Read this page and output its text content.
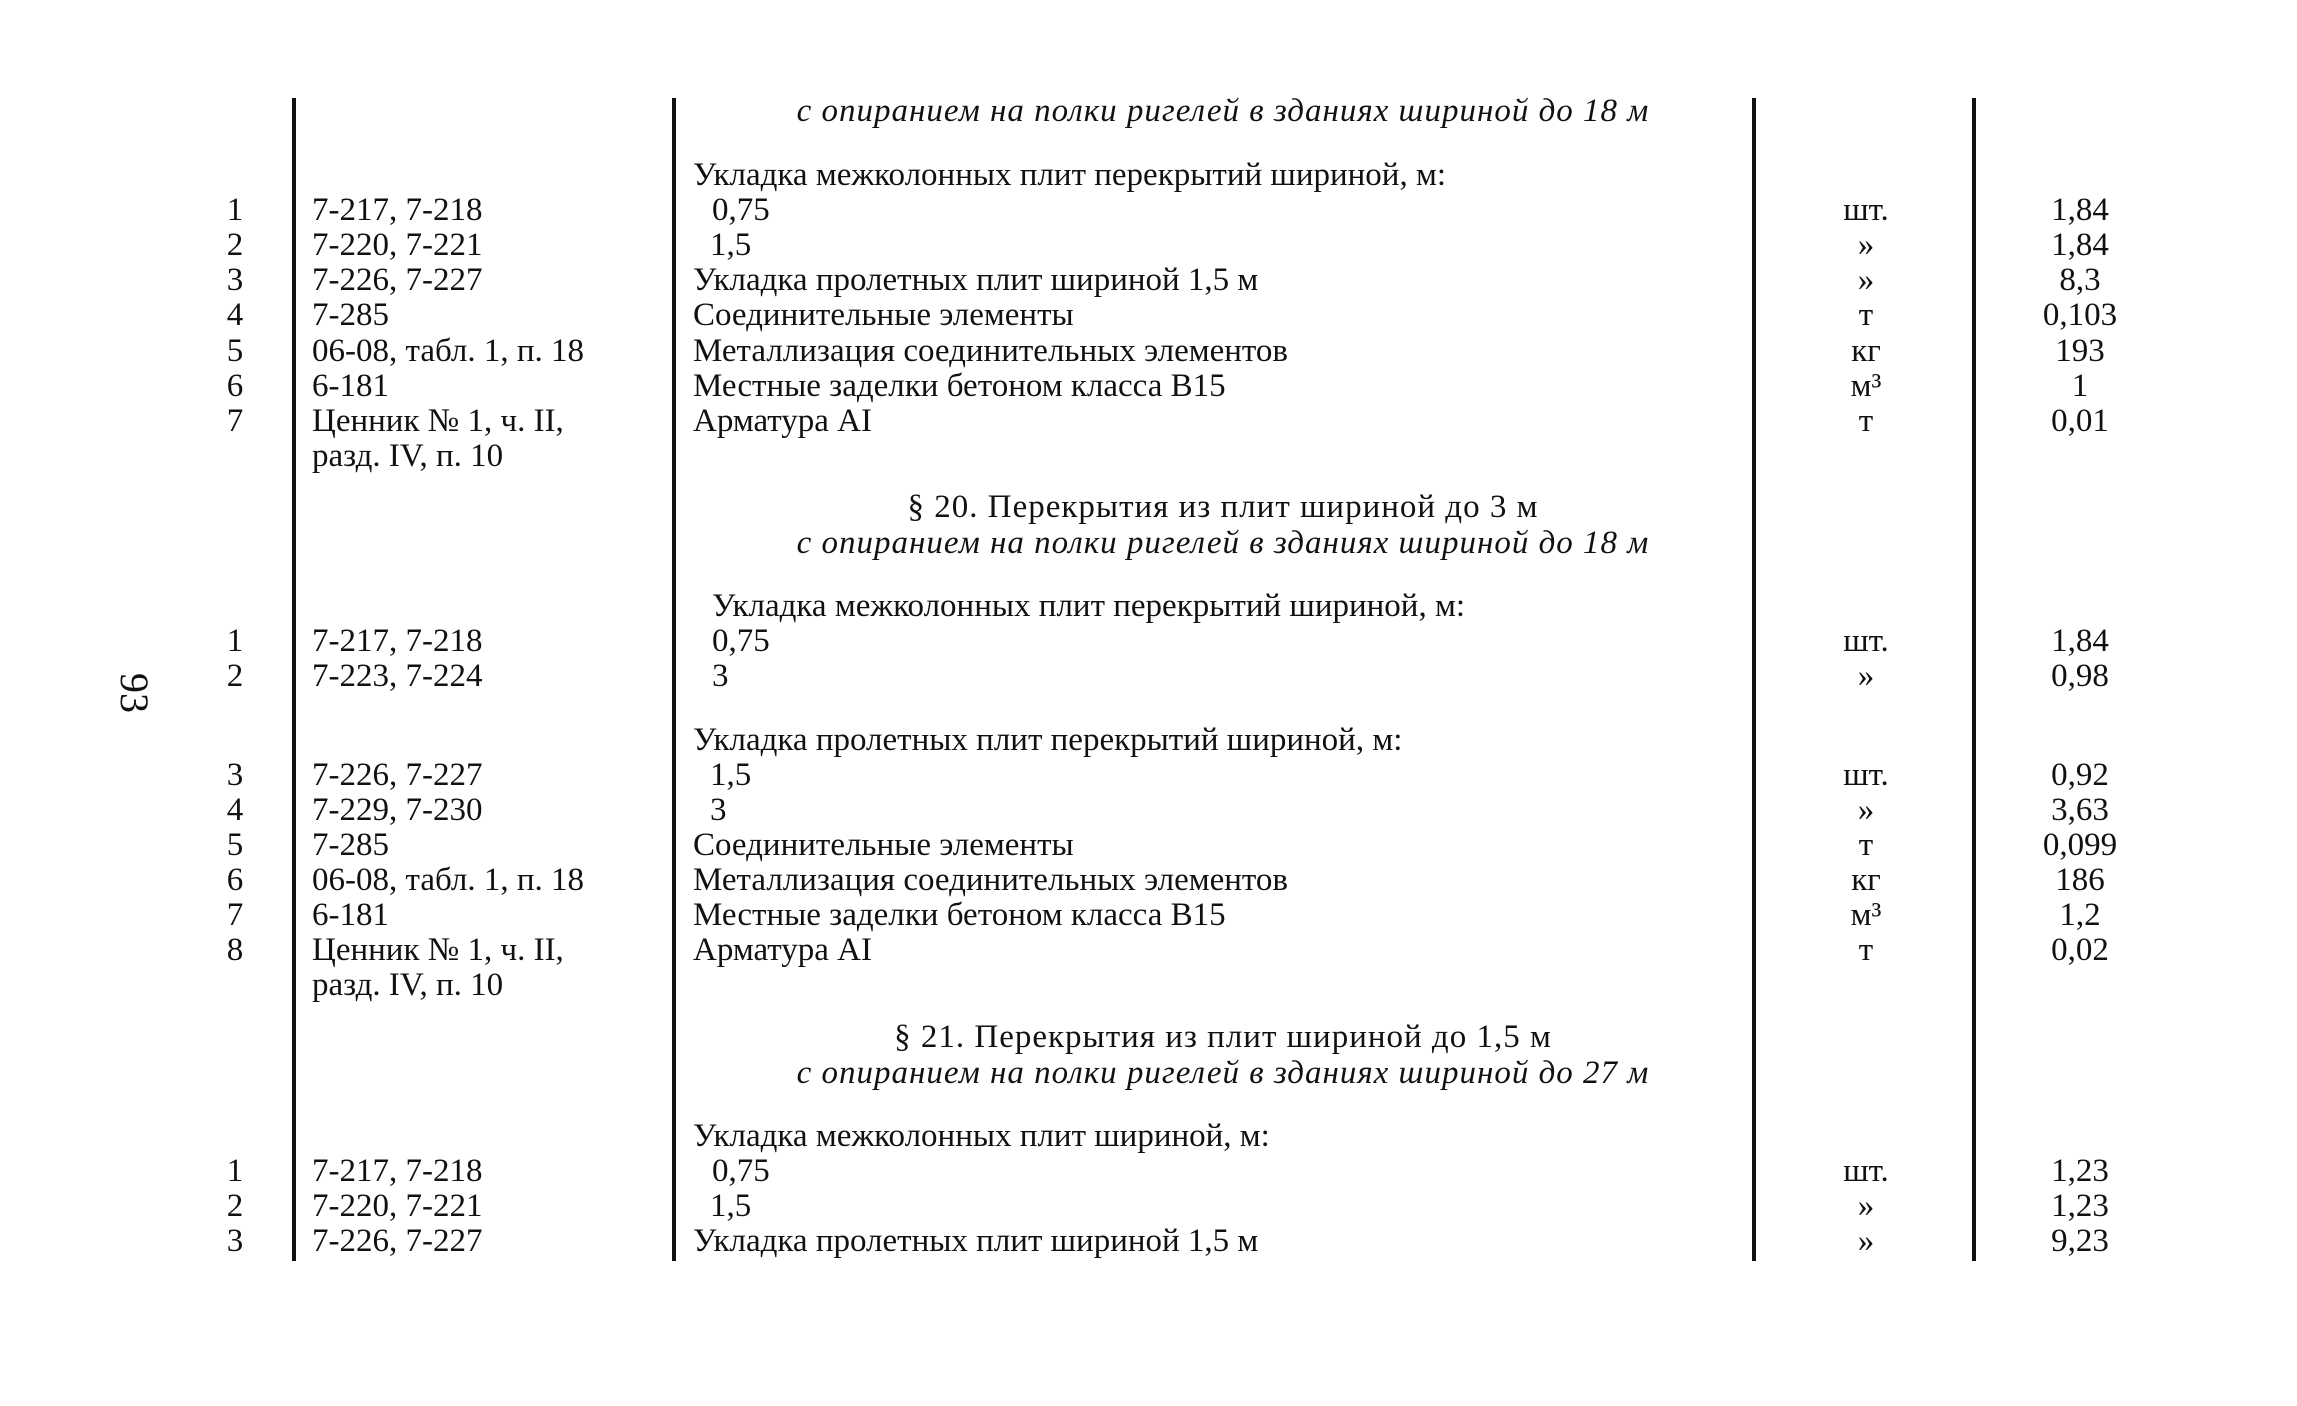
93
с опиранием на полки ригелей в зданиях шириной до 18 м
Укладка межколонных плит перекрытий шириной, м:
1	7-217, 7-218	0,75	шт.	1,84
2	7-220, 7-221	1,5	»	1,84
3	7-226, 7-227	Укладка пролетных плит шириной 1,5 м	»	8,3
4	7-285	Соединительные элементы	т	0,103
5	06-08, табл. 1, п. 18	Металлизация соединительных элементов	кг	193
6	6-181	Местные заделки бетоном класса В15	м³	1
7	Ценник № 1, ч. II,	Арматура AI	т	0,01
разд. IV, п. 10
§ 20. Перекрытия из плит шириной до 3 м
с опиранием на полки ригелей в зданиях шириной до 18 м
Укладка межколонных плит перекрытий шириной, м:
1	7-217, 7-218	0,75	шт.	1,84
2	7-223, 7-224	3	»	0,98
Укладка пролетных плит перекрытий шириной, м:
3	7-226, 7-227	1,5	шт.	0,92
4	7-229, 7-230	3	»	3,63
5	7-285	Соединительные элементы	т	0,099
6	06-08, табл. 1, п. 18	Металлизация соединительных элементов	кг	186
7	6-181	Местные заделки бетоном класса В15	м³	1,2
8	Ценник № 1, ч. II,	Арматура AI	т	0,02
разд. IV, п. 10
§ 21. Перекрытия из плит шириной до 1,5 м
с опиранием на полки ригелей в зданиях шириной до 27 м
Укладка межколонных плит шириной, м:
1	7-217, 7-218	0,75	шт.	1,23
2	7-220, 7-221	1,5	»	1,23
3	7-226, 7-227	Укладка пролетных плит шириной 1,5 м	»	9,23
